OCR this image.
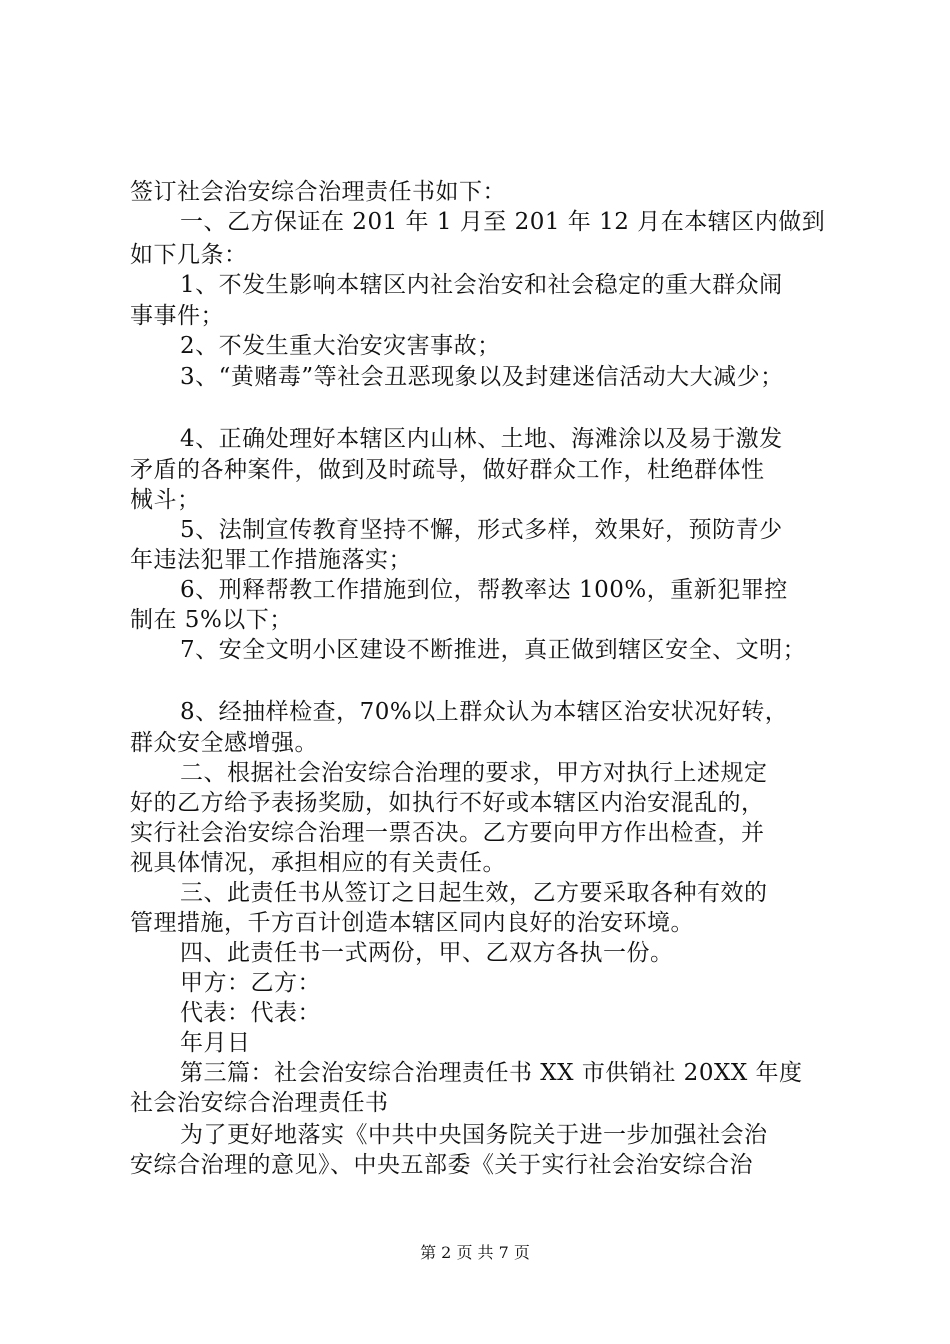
签订社会治安综合治理责任书如下：
一、乙方保证在 201 年 1 月至 201 年 12 月在本辖区内做到
如下几条：
1、不发生影响本辖区内社会治安和社会稳定的重大群众闹
事事件；
2、不发生重大治安灾害事故；
3、“黄赌毒”等社会丑恶现象以及封建迷信活动大大减少；
4、正确处理好本辖区内山林、土地、海滩涂以及易于激发
矛盾的各种案件，做到及时疏导，做好群众工作，杜绝群体性
械斗；
5、法制宣传教育坚持不懈，形式多样，效果好，预防青少
年违法犯罪工作措施落实；
6、刑释帮教工作措施到位，帮教率达 100%，重新犯罪控
制在 5%以下；
7、安全文明小区建设不断推进，真正做到辖区安全、文明；
8、经抽样检查，70%以上群众认为本辖区治安状况好转，
群众安全感增强。
二、根据社会治安综合治理的要求，甲方对执行上述规定
好的乙方给予表扬奖励，如执行不好或本辖区内治安混乱的，
实行社会治安综合治理一票否决。乙方要向甲方作出检查，并
视具体情况，承担相应的有关责任。
三、此责任书从签订之日起生效，乙方要采取各种有效的
管理措施，千方百计创造本辖区同内良好的治安环境。
四、此责任书一式两份，甲、乙双方各执一份。
甲方：乙方：
代表：代表：
年月日
第三篇：社会治安综合治理责任书 XX 市供销社 20XX 年度
社会治安综合治理责任书
为了更好地落实《中共中央国务院关于进一步加强社会治
安综合治理的意见》、中央五部委《关于实行社会治安综合治
第 2 页 共 7 页
